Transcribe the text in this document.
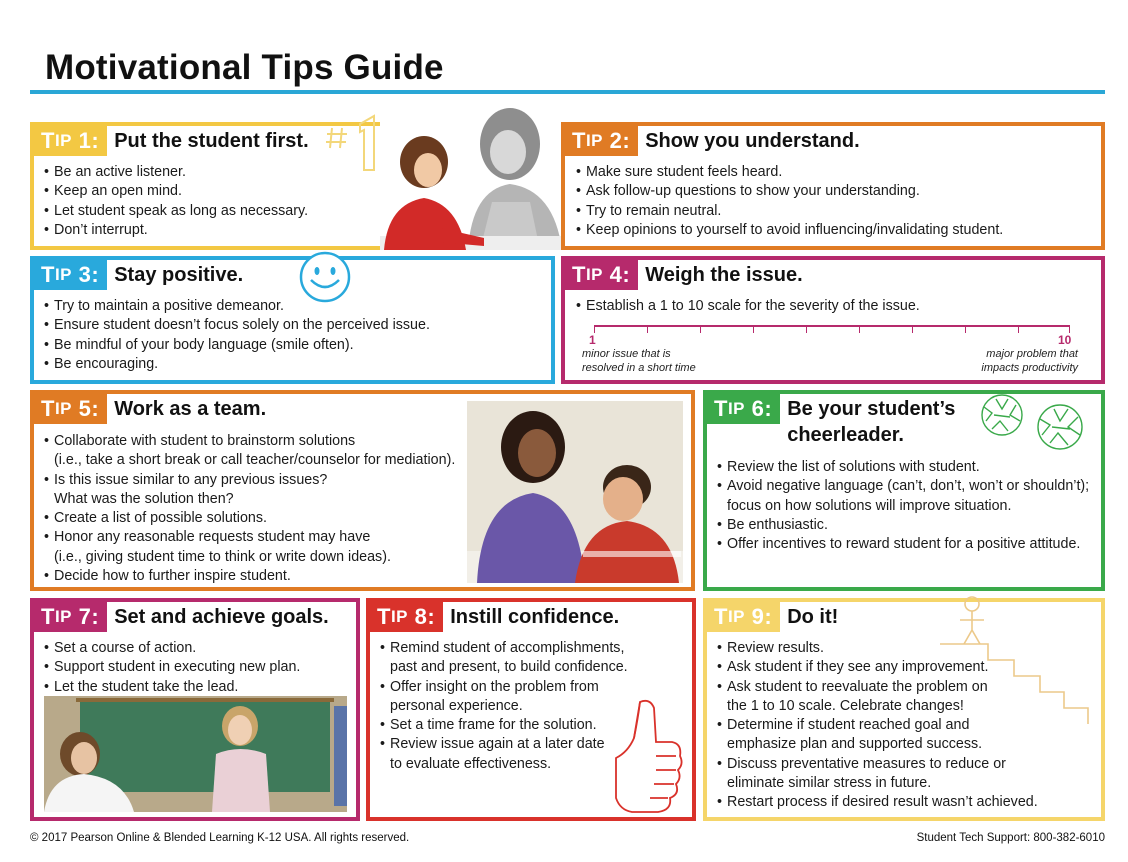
Motivational Tips Guide
T IP
1: Put the student first.
• Be an active listener.
• Keep an open mind.
• Let student speak as long as necessary.
• Don’t interrupt.
T IP
2: Show you understand.
• Make sure student feels heard.
• Ask follow-up questions to show your understanding.
• Try to remain neutral.
• Keep opinions to yourself to avoid influencing/invalidating student.
T IP
3: Stay positive.
• Try to maintain a positive demeanor.
• Ensure student doesn’t focus solely on the perceived issue.
• Be mindful of your body language (smile often).
• Be encouraging.
T IP
4: Weigh the issue.
• Establish a 1 to 10 scale for the severity of the issue.
1	10
minor issue that is
resolved in a short time
major problem that
impacts productivity
T IP
5: Work as a team.
• Collaborate with student to brainstorm solutions
(i.e., take a short break or call teacher/counselor for mediation).
• Is this issue similar to any previous issues?
What was the solution then?
• Create a list of possible solutions.
• Honor any reasonable requests student may have
(i.e., giving student time to think or write down ideas).
• Decide how to further inspire student.
T IP
6: Be your student’s
cheerleader.
• Review the list of solutions with student.
• Avoid negative language (can’t, don’t, won’t or shouldn’t);
focus on how solutions will improve situation.
• Be enthusiastic.
• Offer incentives to reward student for a positive attitude.
T IP
7: Set and achieve goals.
• Set a course of action.
• Support student in executing new plan.
• Let the student take the lead.
T IP
8: Instill confidence.
• Remind student of accomplishments,
past and present, to build confidence.
• Offer insight on the problem from
personal experience.
• Set a time frame for the solution.
• Review issue again at a later date
to evaluate effectiveness.
T IP
9: Do it!
• Review results.
• Ask student if they see any improvement.
• Ask student to reevaluate the problem on
the 1 to 10 scale. Celebrate changes!
• Determine if student reached goal and
emphasize plan and supported success.
• Discuss preventative measures to reduce or
eliminate similar stress in future.
• Restart process if desired result wasn’t achieved.
© 2017 Pearson Online & Blended Learning K-12 USA. All rights reserved.	Student Tech Support: 800-382-6010
